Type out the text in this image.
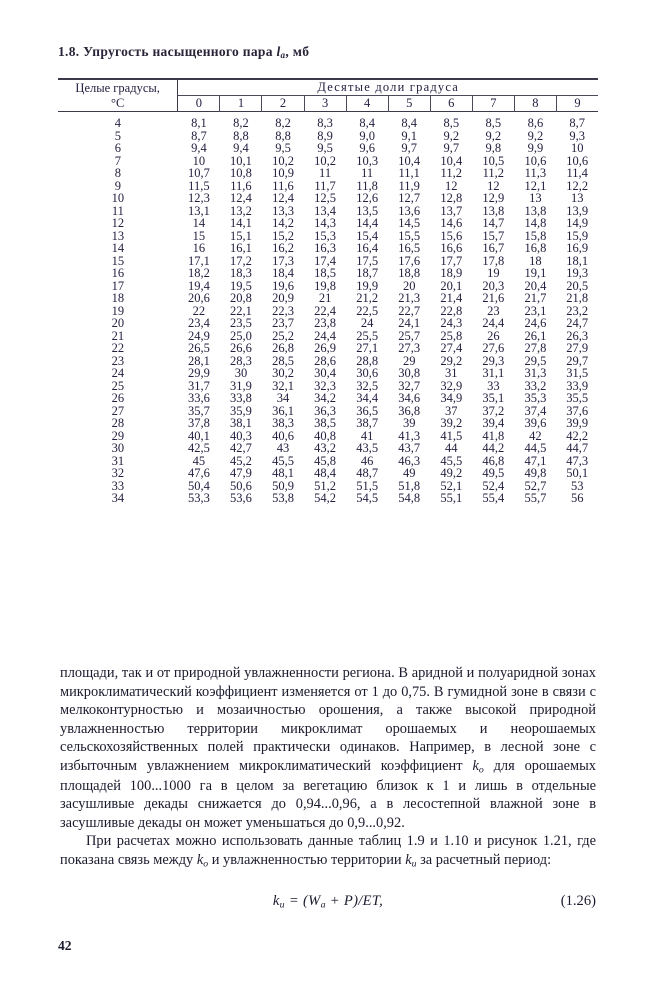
1.8. Упругость насыщенного пара $l_a$, мб
Целые градусы,
°С	Десятые доли градуса									
	0	1	2	3	4	5	6	7	8	9
4	8,1	8,2	8,2	8,3	8,4	8,4	8,5	8,5	8,6	8,7
5	8,7	8,8	8,8	8,9	9,0	9,1	9,2	9,2	9,2	9,3
6	9,4	9,4	9,5	9,5	9,6	9,7	9,7	9,8	9,9	10
7	10	10,1	10,2	10,2	10,3	10,4	10,4	10,5	10,6	10,6
8	10,7	10,8	10,9	11	11	11,1	11,2	11,2	11,3	11,4
9	11,5	11,6	11,6	11,7	11,8	11,9	12	12	12,1	12,2
10	12,3	12,4	12,4	12,5	12,6	12,7	12,8	12,9	13	13
11	13,1	13,2	13,3	13,4	13,5	13,6	13,7	13,8	13,8	13,9
12	14	14,1	14,2	14,3	14,4	14,5	14,6	14,7	14,8	14,9
13	15	15,1	15,2	15,3	15,4	15,5	15,6	15,7	15,8	15,9
14	16	16,1	16,2	16,3	16,4	16,5	16,6	16,7	16,8	16,9
15	17,1	17,2	17,3	17,4	17,5	17,6	17,7	17,8	18	18,1
16	18,2	18,3	18,4	18,5	18,7	18,8	18,9	19	19,1	19,3
17	19,4	19,5	19,6	19,8	19,9	20	20,1	20,3	20,4	20,5
18	20,6	20,8	20,9	21	21,2	21,3	21,4	21,6	21,7	21,8
19	22	22,1	22,3	22,4	22,5	22,7	22,8	23	23,1	23,2
20	23,4	23,5	23,7	23,8	24	24,1	24,3	24,4	24,6	24,7
21	24,9	25,0	25,2	24,4	25,5	25,7	25,8	26	26,1	26,3
22	26,5	26,6	26,8	26,9	27,1	27,3	27,4	27,6	27,8	27,9
23	28,1	28,3	28,5	28,6	28,8	29	29,2	29,3	29,5	29,7
24	29,9	30	30,2	30,4	30,6	30,8	31	31,1	31,3	31,5
25	31,7	31,9	32,1	32,3	32,5	32,7	32,9	33	33,2	33,9
26	33,6	33,8	34	34,2	34,4	34,6	34,9	35,1	35,3	35,5
27	35,7	35,9	36,1	36,3	36,5	36,8	37	37,2	37,4	37,6
28	37,8	38,1	38,3	38,5	38,7	39	39,2	39,4	39,6	39,9
29	40,1	40,3	40,6	40,8	41	41,3	41,5	41,8	42	42,2
30	42,5	42,7	43	43,2	43,5	43,7	44	44,2	44,5	44,7
31	45	45,2	45,5	45,8	46	46,3	45,5	46,8	47,1	47,3
32	47,6	47,9	48,1	48,4	48,7	49	49,2	49,5	49,8	50,1
33	50,4	50,6	50,9	51,2	51,5	51,8	52,1	52,4	52,7	53
34	53,3	53,6	53,8	54,2	54,5	54,8	55,1	55,4	55,7	56

площади, так и от природной увлажненности региона. В аридной и полуаридной зонах микроклиматический коэффициент изменяется от 1 до 0,75. В гумидной зоне в связи с мелкоконтурностью и мозаичностью орошения, а также высокой природной увлажненностью территории микроклимат орошаемых и неорошаемых сельскохозяйственных полей практически одинаков. Например, в лесной зоне с избыточным увлажнением микроклиматический коэффициент $k_о$ для орошаемых площадей 100...1000 га в целом за вегетацию близок к 1 и лишь в отдельные засушливые декады снижается до 0,94...0,96, а в лесостепной влажной зоне в засушливые декады он может уменьшаться до 0,9...0,92.

При расчетах можно использовать данные таблиц 1.9 и 1.10 и рисунок 1.21, где показана связь между $k_о$ и увлажненностью территории $k_и$ за расчетный период:

$k_и = (W_a + P)/ET$,	(1.26)
42
